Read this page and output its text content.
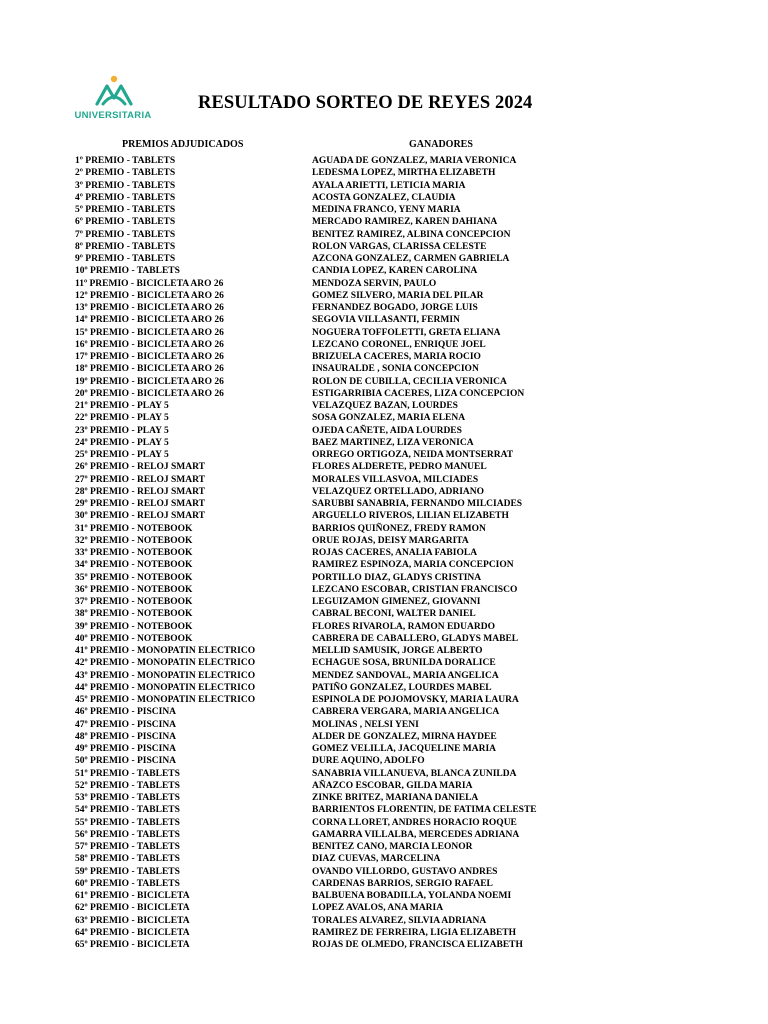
UNIVERSITARIA
RESULTADO SORTEO DE REYES 2024
PREMIOS ADJUDICADOS	GANADORES
1º PREMIO - TABLETS	AGUADA DE GONZALEZ, MARIA VERONICA
2º PREMIO - TABLETS	LEDESMA LOPEZ, MIRTHA ELIZABETH
3º PREMIO - TABLETS	AYALA ARIETTI, LETICIA MARIA
4º PREMIO - TABLETS	ACOSTA GONZALEZ, CLAUDIA
5º PREMIO - TABLETS	MEDINA FRANCO, YENY MARIA
6º PREMIO - TABLETS	MERCADO RAMIREZ, KAREN DAHIANA
7º PREMIO - TABLETS	BENITEZ RAMIREZ, ALBINA CONCEPCION
8º PREMIO - TABLETS	ROLON VARGAS, CLARISSA CELESTE
9º PREMIO - TABLETS	AZCONA GONZALEZ, CARMEN GABRIELA
10º PREMIO - TABLETS	CANDIA LOPEZ, KAREN CAROLINA
11º PREMIO - BICICLETA ARO 26	MENDOZA SERVIN, PAULO
12º PREMIO - BICICLETA ARO 26	GOMEZ SILVERO, MARIA DEL PILAR
13º PREMIO - BICICLETA ARO 26	FERNANDEZ BOGADO, JORGE LUIS
14º PREMIO - BICICLETA ARO 26	SEGOVIA VILLASANTI, FERMIN
15º PREMIO - BICICLETA ARO 26	NOGUERA TOFFOLETTI, GRETA ELIANA
16º PREMIO - BICICLETA ARO 26	LEZCANO CORONEL, ENRIQUE JOEL
17º PREMIO - BICICLETA ARO 26	BRIZUELA CACERES, MARIA ROCIO
18º PREMIO - BICICLETA ARO 26	INSAURALDE , SONIA CONCEPCION
19º PREMIO - BICICLETA ARO 26	ROLON DE CUBILLA, CECILIA VERONICA
20º PREMIO - BICICLETA ARO 26	ESTIGARRIBIA CACERES, LIZA CONCEPCION
21º PREMIO - PLAY 5	VELAZQUEZ BAZAN, LOURDES
22º PREMIO - PLAY 5	SOSA GONZALEZ, MARIA ELENA
23º PREMIO - PLAY 5	OJEDA CAÑETE, AIDA LOURDES
24º PREMIO - PLAY 5	BAEZ MARTINEZ, LIZA VERONICA
25º PREMIO - PLAY 5	ORREGO ORTIGOZA, NEIDA MONTSERRAT
26º PREMIO - RELOJ SMART	FLORES ALDERETE, PEDRO MANUEL
27º PREMIO - RELOJ SMART	MORALES VILLASVOA, MILCIADES
28º PREMIO - RELOJ SMART	VELAZQUEZ ORTELLADO, ADRIANO
29º PREMIO - RELOJ SMART	SARUBBI SANABRIA, FERNANDO MILCIADES
30º PREMIO - RELOJ SMART	ARGUELLO RIVEROS, LILIAN ELIZABETH
31º PREMIO - NOTEBOOK	BARRIOS QUIÑONEZ, FREDY RAMON
32º PREMIO - NOTEBOOK	ORUE ROJAS, DEISY MARGARITA
33º PREMIO - NOTEBOOK	ROJAS CACERES, ANALIA FABIOLA
34º PREMIO - NOTEBOOK	RAMIREZ ESPINOZA, MARIA CONCEPCION
35º PREMIO - NOTEBOOK	PORTILLO DIAZ, GLADYS CRISTINA
36º PREMIO - NOTEBOOK	LEZCANO ESCOBAR, CRISTIAN FRANCISCO
37º PREMIO - NOTEBOOK	LEGUIZAMON GIMENEZ, GIOVANNI
38º PREMIO - NOTEBOOK	CABRAL BECONI, WALTER DANIEL
39º PREMIO - NOTEBOOK	FLORES RIVAROLA, RAMON EDUARDO
40º PREMIO - NOTEBOOK	CABRERA DE CABALLERO, GLADYS MABEL
41º PREMIO - MONOPATIN ELECTRICO	MELLID SAMUSIK, JORGE ALBERTO
42º PREMIO - MONOPATIN ELECTRICO	ECHAGUE SOSA, BRUNILDA DORALICE
43º PREMIO - MONOPATIN ELECTRICO	MENDEZ SANDOVAL, MARIA ANGELICA
44º PREMIO - MONOPATIN ELECTRICO	PATIÑO GONZALEZ, LOURDES MABEL
45º PREMIO - MONOPATIN ELECTRICO	ESPINOLA DE POJOMOVSKY, MARIA LAURA
46º PREMIO - PISCINA	CABRERA VERGARA, MARIA ANGELICA
47º PREMIO - PISCINA	MOLINAS , NELSI YENI
48º PREMIO - PISCINA	ALDER DE GONZALEZ, MIRNA HAYDEE
49º PREMIO - PISCINA	GOMEZ VELILLA, JACQUELINE MARIA
50º PREMIO - PISCINA	DURE AQUINO, ADOLFO
51º PREMIO - TABLETS	SANABRIA VILLANUEVA, BLANCA ZUNILDA
52º PREMIO - TABLETS	AÑAZCO ESCOBAR, GILDA MARIA
53º PREMIO - TABLETS	ZINKE BRITEZ, MARIANA DANIELA
54º PREMIO - TABLETS	BARRIENTOS FLORENTIN, DE FATIMA CELESTE
55º PREMIO - TABLETS	CORNA LLORET, ANDRES HORACIO ROQUE
56º PREMIO - TABLETS	GAMARRA VILLALBA, MERCEDES ADRIANA
57º PREMIO - TABLETS	BENITEZ CANO, MARCIA LEONOR
58º PREMIO - TABLETS	DIAZ CUEVAS, MARCELINA
59º PREMIO - TABLETS	OVANDO VILLORDO, GUSTAVO ANDRES
60º PREMIO - TABLETS	CARDENAS BARRIOS, SERGIO RAFAEL
61º PREMIO - BICICLETA	BALBUENA BOBADILLA, YOLANDA NOEMI
62º PREMIO - BICICLETA	LOPEZ AVALOS, ANA MARIA
63º PREMIO - BICICLETA	TORALES ALVAREZ, SILVIA ADRIANA
64º PREMIO - BICICLETA	RAMIREZ DE FERREIRA, LIGIA ELIZABETH
65º PREMIO - BICICLETA	ROJAS DE OLMEDO, FRANCISCA ELIZABETH
